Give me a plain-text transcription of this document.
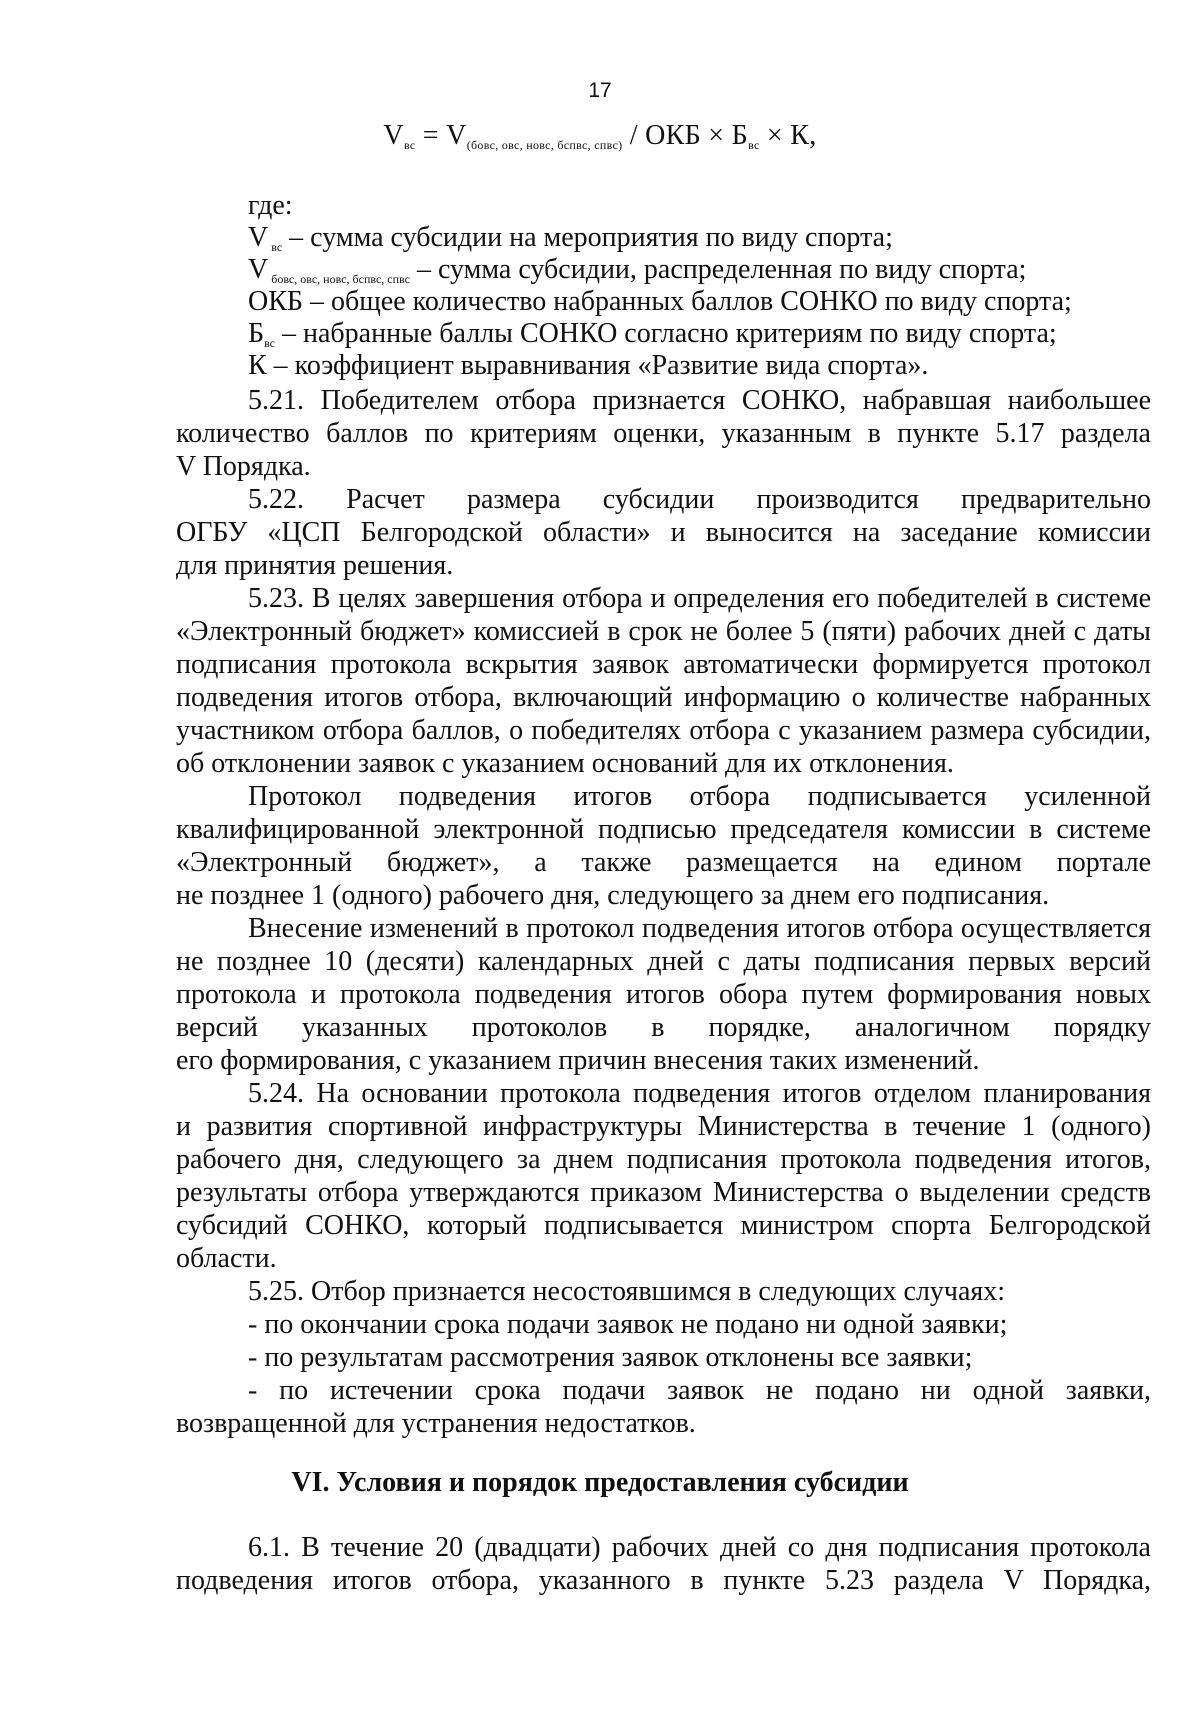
17
$V_{вс} = V_{(бовс, овс, новс, бспвс, спвс)}$ / ОКБ × $Б_{вс} \times К$,
где:
V $_{вс}$ – сумма субсидии на мероприятия по виду спорта;
V $_{бовс, овс, новс, бспвс, спвс}$ – сумма субсидии, распределенная по виду спорта;
ОКБ – общее количество набранных баллов СОНКО по виду спорта;
$Б_{вс}$ – набранные баллы СОНКО согласно критериям по виду спорта;
К – коэффициент выравнивания «Развитие вида спорта».
5.21. Победителем отбора признается СОНКО, набравшая наибольшее
количество баллов по критериям оценки, указанным в пункте 5.17 раздела
V Порядка.
5.22. Расчет размера субсидии производится предварительно
ОГБУ «ЦСП Белгородской области» и выносится на заседание комиссии
для принятия решения.
5.23. В целях завершения отбора и определения его победителей в системе
«Электронный бюджет» комиссией в срок не более 5 (пяти) рабочих дней с даты
подписания протокола вскрытия заявок автоматически формируется протокол
подведения итогов отбора, включающий информацию о количестве набранных
участником отбора баллов, о победителях отбора с указанием размера субсидии,
об отклонении заявок с указанием оснований для их отклонения.
Протокол подведения итогов отбора подписывается усиленной
квалифицированной электронной подписью председателя комиссии в системе
«Электронный бюджет», а также размещается на едином портале
не позднее 1 (одного) рабочего дня, следующего за днем его подписания.
Внесение изменений в протокол подведения итогов отбора осуществляется
не позднее 10 (десяти) календарных дней с даты подписания первых версий
протокола и протокола подведения итогов обора путем формирования новых
версий указанных протоколов в порядке, аналогичном порядку
его формирования, с указанием причин внесения таких изменений.
5.24. На основании протокола подведения итогов отделом планирования
и развития спортивной инфраструктуры Министерства в течение 1 (одного)
рабочего дня, следующего за днем подписания протокола подведения итогов,
результаты отбора утверждаются приказом Министерства о выделении средств
субсидий СОНКО, который подписывается министром спорта Белгородской
области.
5.25. Отбор признается несостоявшимся в следующих случаях:
- по окончании срока подачи заявок не подано ни одной заявки;
- по результатам рассмотрения заявок отклонены все заявки;
- по истечении срока подачи заявок не подано ни одной заявки,
возвращенной для устранения недостатков.
VI. Условия и порядок предоставления субсидии
6.1. В течение 20 (двадцати) рабочих дней со дня подписания протокола
подведения итогов отбора, указанного в пункте 5.23 раздела V Порядка,
